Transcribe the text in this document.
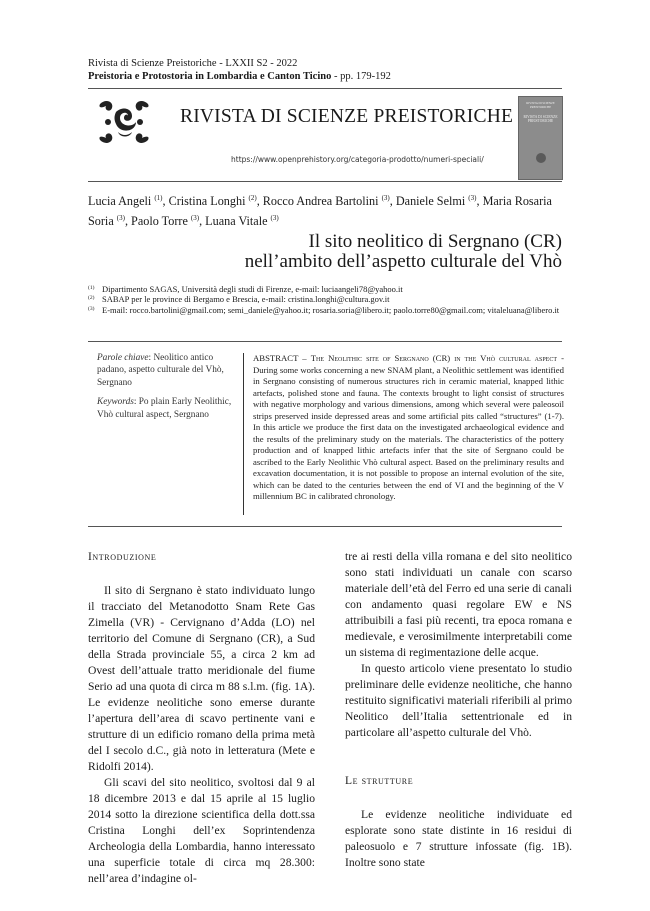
Rivista di Scienze Preistoriche - LXXII S2 - 2022
Preistoria e Protostoria in Lombardia e Canton Ticino - pp. 179-192
RIVISTA DI SCIENZE PREISTORICHE
https://www.openprehistory.org/categoria-prodotto/numeri-speciali/
RIVISTA DI SCIENZE PREISTORICHE
RIVISTA DI SCIENZE PREISTORICHE
Lucia Angeli $^{(1)}$, Cristina Longhi $^{(2)}$, Rocco Andrea Bartolini $^{(3)}$, Daniele Selmi $^{(3)}$, Maria Rosaria Soria $^{(3)}$, Paolo Torre $^{(3)}$, Luana Vitale $^{(3)}$
Il sito neolitico di Sergnano (CR)
nell’ambito dell’aspetto culturale del Vhò
(1) Dipartimento SAGAS, Università degli studi di Firenze, e-mail: luciaangeli78@yahoo.it
(2) SABAP per le province di Bergamo e Brescia, e-mail: cristina.longhi@cultura.gov.it
(3) E-mail: rocco.bartolini@gmail.com; semi_daniele@yahoo.it; rosaria.soria@libero.it; paolo.torre80@gmail.com; vitaleluana@libero.it

Parole chiave: Neolitico antico padano, aspetto culturale del Vhò, Sergnano

Keywords: Po plain Early Neolithic, Vhò cultural aspect, Sergnano

ABSTRACT – The Neolithic site of Sergnano (CR) in the Vhò cultural aspect - During some works concerning a new SNAM plant, a Neolithic settlement was identified in Sergnano consisting of numerous structures rich in ceramic material, knapped lithic artefacts, polished stone and fauna. The contexts brought to light consist of structures with negative morphology and various dimensions, among which several were paleosoil strips preserved inside depressed areas and some artificial pits called “structures” (1-7). In this article we produce the first data on the investigated archaeological evidence and the results of the preliminary study on the materials. The characteristics of the pottery production and of knapped lithic artefacts infer that the site of Sergnano could be ascribed to the Early Neolithic Vhò cultural aspect. Based on the preliminary results and excavation documentation, it is not possible to propose an internal evolution of the site, which can be dated to the centuries between the end of VI and the beginning of the V millennium BC in calibrated chronology.

Introduzione

Il sito di Sergnano è stato individuato lungo il tracciato del Metanodotto Snam Rete Gas Zimella (VR) - Cervignano d’Adda (LO) nel territorio del Comune di Sergnano (CR), a Sud della Strada provinciale 55, a circa 2 km ad Ovest dell’attuale tratto meridionale del fiume Serio ad una quota di circa m 88 s.l.m. (fig. 1A). Le evidenze neolitiche sono emerse durante l’apertura dell’area di scavo pertinente vani e strutture di un edificio romano della prima metà del I secolo d.C., già noto in letteratura (Mete e Ridolfi 2014).

Gli scavi del sito neolitico, svoltosi dal 9 al 18 dicembre 2013 e dal 15 aprile al 15 luglio 2014 sotto la direzione scientifica della dott.ssa Cristina Longhi dell’ex Soprintendenza Archeologia della Lombardia, hanno interessato una superficie totale di circa mq 28.300: nell’area d’indagine ol-

tre ai resti della villa romana e del sito neolitico sono stati individuati un canale con scarso materiale dell’età del Ferro ed una serie di canali con andamento quasi regolare EW e NS attribuibili a fasi più recenti, tra epoca romana e medievale, e verosimilmente interpretabili come un sistema di regimentazione delle acque.

In questo articolo viene presentato lo studio preliminare delle evidenze neolitiche, che hanno restituito significativi materiali riferibili al primo Neolitico dell’Italia settentrionale ed in particolare all’aspetto culturale del Vhò.

Le strutture

Le evidenze neolitiche individuate ed esplorate sono state distinte in 16 residui di paleosuolo e 7 strutture infossate (fig. 1B). Inoltre sono state
